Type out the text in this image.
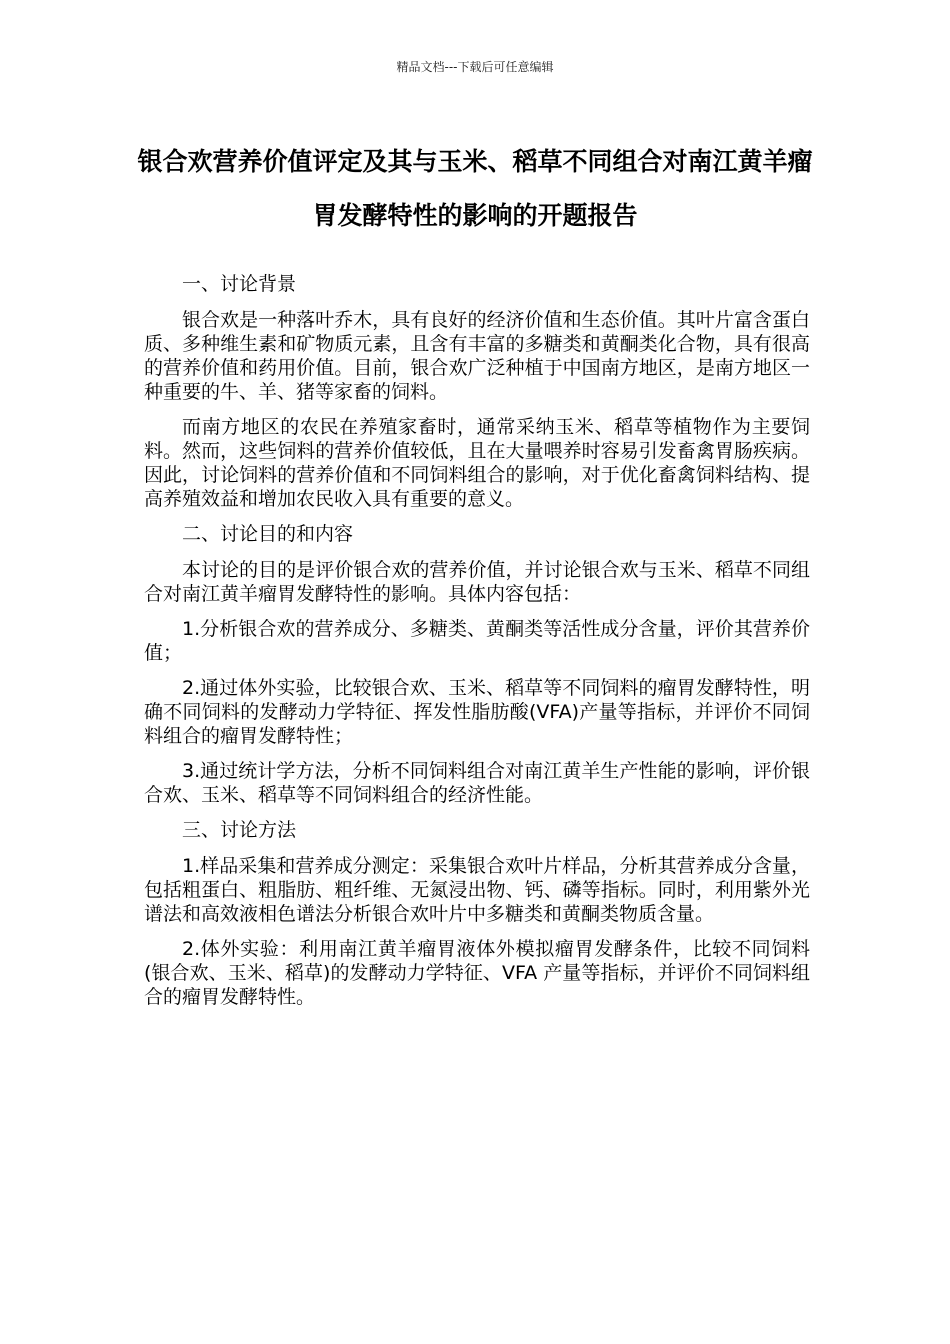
精品文档---下载后可任意编辑
银合欢营养价值评定及其与玉米、稻草不同组合对南江黄羊瘤胃发酵特性的影响的开题报告

一、讨论背景

银合欢是一种落叶乔木，具有良好的经济价值和生态价值。其叶片富含蛋白质、多种维生素和矿物质元素，且含有丰富的多糖类和黄酮类化合物，具有很高的营养价值和药用价值。目前，银合欢广泛种植于中国南方地区，是南方地区一种重要的牛、羊、猪等家畜的饲料。

而南方地区的农民在养殖家畜时，通常采纳玉米、稻草等植物作为主要饲料。然而，这些饲料的营养价值较低，且在大量喂养时容易引发畜禽胃肠疾病。因此，讨论饲料的营养价值和不同饲料组合的影响，对于优化畜禽饲料结构、提高养殖效益和增加农民收入具有重要的意义。

二、讨论目的和内容

本讨论的目的是评价银合欢的营养价值，并讨论银合欢与玉米、稻草不同组合对南江黄羊瘤胃发酵特性的影响。具体内容包括：

1.分析银合欢的营养成分、多糖类、黄酮类等活性成分含量，评价其营养价值；

2.通过体外实验，比较银合欢、玉米、稻草等不同饲料的瘤胃发酵特性，明确不同饲料的发酵动力学特征、挥发性脂肪酸(VFA)产量等指标，并评价不同饲料组合的瘤胃发酵特性；

3.通过统计学方法，分析不同饲料组合对南江黄羊生产性能的影响，评价银合欢、玉米、稻草等不同饲料组合的经济性能。

三、讨论方法

1.样品采集和营养成分测定：采集银合欢叶片样品，分析其营养成分含量，包括粗蛋白、粗脂肪、粗纤维、无氮浸出物、钙、磷等指标。同时，利用紫外光谱法和高效液相色谱法分析银合欢叶片中多糖类和黄酮类物质含量。

2.体外实验：利用南江黄羊瘤胃液体外模拟瘤胃发酵条件，比较不同饲料(银合欢、玉米、稻草)的发酵动力学特征、VFA 产量等指标，并评价不同饲料组合的瘤胃发酵特性。
